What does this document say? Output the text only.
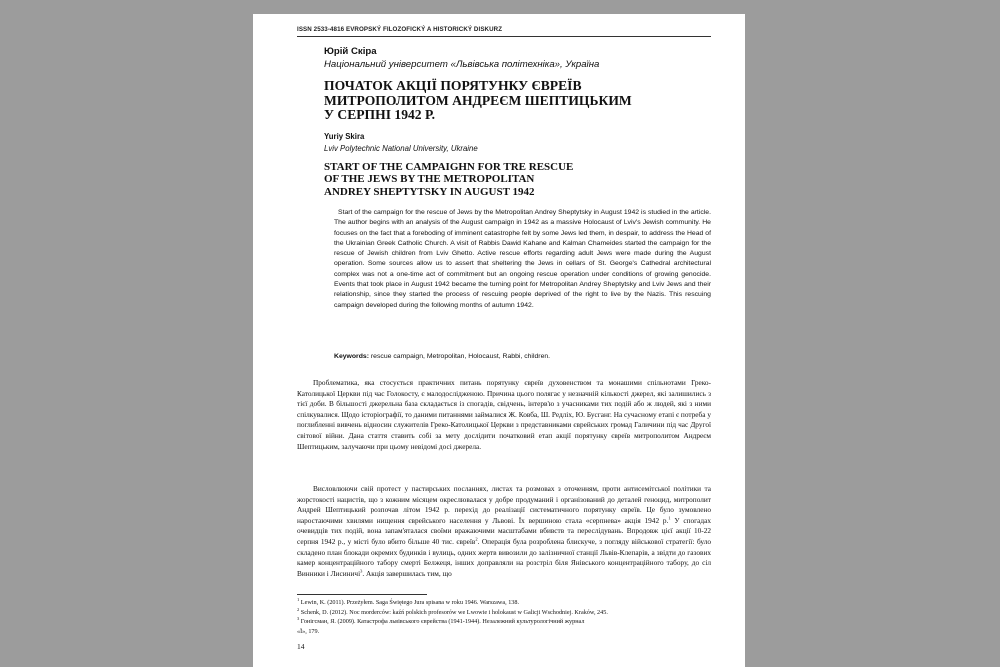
ISSN 2533-4816 EVROPSKÝ FILOZOFICKÝ A HISTORICKÝ DISKURZ
Юрій Скіра
Національний університет «Львівська політехніка», Україна
ПОЧАТОК АКЦІЇ ПОРЯТУНКУ ЄВРЕЇВ
МИТРОПОЛИТОМ АНДРЕЄМ ШЕПТИЦЬКИМ
У СЕРПНІ 1942 Р.
Yuriy Skira
Lviv Polytechnic National University, Ukraine
START OF THE CAMPAIGHN FOR TRE RESCUE
OF THE JEWS BY THE METROPOLITAN
ANDREY SHEPTYTSKY IN AUGUST 1942

Start of the campaign for the rescue of Jews by the Metropolitan Andrey Sheptytsky in August 1942 is studied in the article. The author begins with an analysis of the August campaign in 1942 as a massive Holocaust of Lviv's Jewish community. He focuses on the fact that a foreboding of imminent catastrophe felt by some Jews led them, in despair, to address the Head of the Ukrainian Greek Catholic Church. A visit of Rabbis Dawid Kahane and Kalman Chameides started the campaign for the rescue of Jewish children from Lviv Ghetto. Active rescue efforts regarding adult Jews were made during the August operation. Some sources allow us to assert that sheltering the Jews in cellars of St. George's Cathedral architectural complex was not a one-time act of commitment but an ongoing rescue operation under conditions of growing genocide. Events that took place in August 1942 became the turning point for Metropolitan Andrey Sheptytsky and Lviv Jews and their relationship, since they started the process of rescuing people deprived of the right to live by the Nazis. This rescuing campaign developed during the following months of autumn 1942.

Keywords: rescue campaign, Metropolitan, Holocaust, Rabbi, children.

Проблематика, яка стосується практичних питань порятунку євреїв духовенством та монашими спільнотами Греко-Католицької Церкви під час Голокосту, є малодослідженою. Причина цього полягає у незначній кількості джерел, які залишились з тієї доби. В більшості джерельна база складається із спогадів, свідчень, інтерв'ю з учасниками тих подій або ж людей, які з ними спілкувалися. Щодо історіографії, то даними питаннями займалися Ж. Ковба, Ш. Редліх, Ю. Бусганг. На сучасному етапі є потреба у поглибленні вивчень відносин служителів Греко-Католицької Церкви з представниками єврейських громад Галичини під час Другої світової війни. Дана стаття ставить собі за мету дослідити початковий етап акції порятунку євреїв митрополитом Андреєм Шептицьким, залучаючи при цьому невідомі досі джерела.

Висловлюючи свій протест у пастирських посланнях, листах та розмовах з оточенням, проти антисемітської політики та жорстокості нацистів, що з кожним місяцем окреслювалася у добре продуманий і організований до деталей геноцид, митрополит Андрей Шептицький розпочав літом 1942 р. перехід до реалізації систематичного порятунку євреїв. Це було зумовлено наростаючими хвилями нищення єврейського населення у Львові. Їх вершиною стала «серпнева» акція 1942 р.$^1$ У спогадах очевидців тих подій, вона запам'яталася своїми вражаючими масштабами вбивств та переслідувань. Впродовж цієї акції 10-22 серпня 1942 р., у місті було вбито більше 40 тис. євреїв$^2$. Операція була розроблена блискуче, з погляду військової стратегії: було складено план блокади окремих будинків і вулиць, одних жертв вивозили до залізничної станції Львів-Клепарів, а звідти до газових камер концентраційного табору смерті Белжеця, інших доправляли на розстріл біля Янівського концентраційного табору, до сіл Винники і Лисиничі$^3$. Акція завершилась тим, що

$^1$ Lewin, K. (2011). Przeżyłem. Saga Świętego Jura spisana w roku 1946. Warszawa, 138.
$^2$ Schenk, D. (2012). Noc morderców: kaźń polskich profesorów we Lwowie i holokaust w Galicji Wschodniej. Kraków, 245.
$^3$ Гонігсман, Я. (2009). Катастрофа львівського єврейства (1941-1944). Незалежний культурологічний журнал
«Ї», 179.
14
